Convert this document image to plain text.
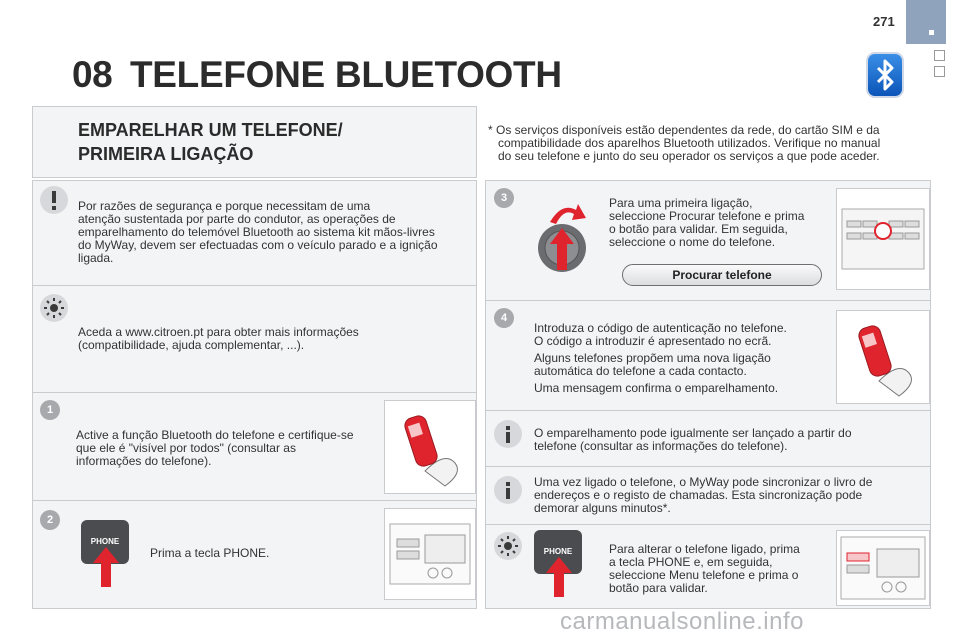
271
08 TELEFONE BLUETOOTH
EMPARELHAR UM TELEFONE/
PRIMEIRA LIGAÇÃO
* Os serviços disponíveis estão dependentes da rede, do cartão SIM e da
compatibilidade dos aparelhos Bluetooth utilizados. Verifique no manual
do seu telefone e junto do seu operador os serviços a que pode aceder.
Por razões de segurança e porque necessitam de uma
atenção sustentada por parte do condutor, as operações de
emparelhamento do telemóvel Bluetooth ao sistema kit mãos-livres
do MyWay, devem ser efectuadas com o veículo parado e a ignição
ligada.
Aceda a www.citroen.pt para obter mais informações
(compatibilidade, ajuda complementar, ...).
1
Active a função Bluetooth do telefone e certifique-se
que ele é "visível por todos" (consultar as
informações do telefone).
2
PHONE
Prima a tecla PHONE.
3	Para uma primeira ligação,
seleccione Procurar telefone e prima
o botão para validar. Em seguida,
seleccione o nome do telefone.
Procurar telefone
4
Introduza o código de autenticação no telefone.
O código a introduzir é apresentado no ecrã.
Alguns telefones propõem uma nova ligação
automática do telefone a cada contacto.
Uma mensagem confirma o emparelhamento.
O emparelhamento pode igualmente ser lançado a partir do
telefone (consultar as informações do telefone).
Uma vez ligado o telefone, o MyWay pode sincronizar o livro de
endereços e o registo de chamadas. Esta sincronização pode
demorar alguns minutos*.
PHONE	Para alterar o telefone ligado, prima
a tecla PHONE e, em seguida,
seleccione Menu telefone e prima o
botão para validar.
carmanualsonline.info
